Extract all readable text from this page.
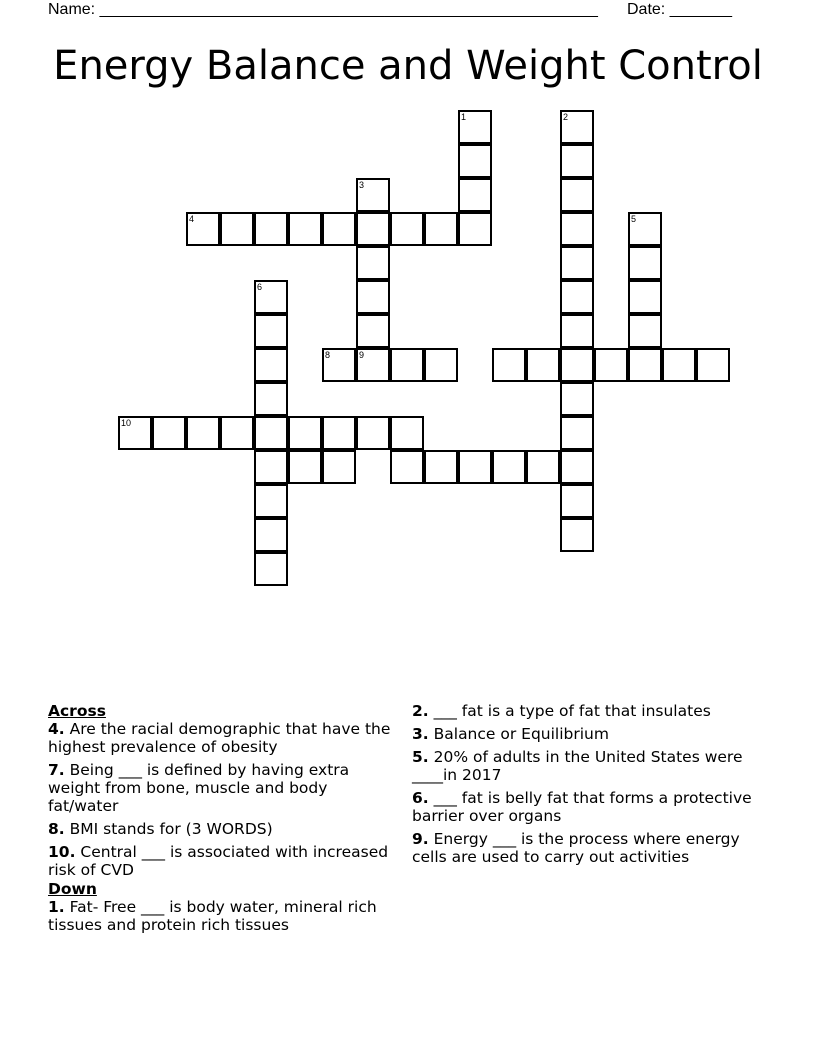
Name: ________________________________________________________ Date: _______
Energy Balance and Weight Control
1	2
3
9
4	5
6
8
10
Across
4. Are the racial demographic that have the highest prevalence of obesity
7. Being ___ is defined by having extra weight from bone, muscle and body fat/water
8. BMI stands for (3 WORDS)
10. Central ___ is associated with increased risk of CVD
Down
1. Fat- Free ___ is body water, mineral rich tissues and protein rich tissues
2. ___ fat is a type of fat that insulates
3. Balance or Equilibrium
5. 20% of adults in the United States were ____in 2017
6. ___ fat is belly fat that forms a protective barrier over organs
9. Energy ___ is the process where energy cells are used to carry out activities
